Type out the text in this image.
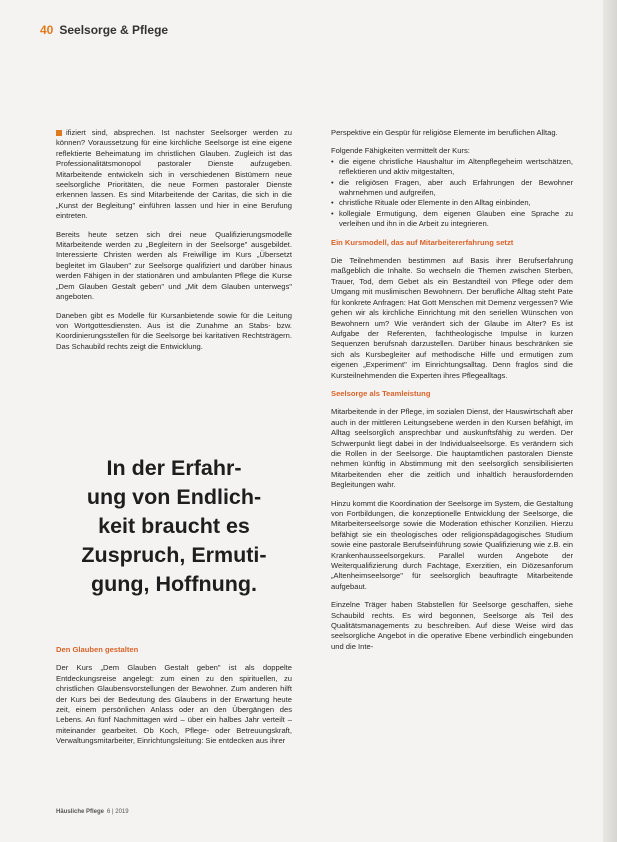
40 Seelsorge & Pflege

ifiziert sind, absprechen. Ist nachster Seelsorger werden zu können? Voraussetzung für eine kirchliche Seelsorge ist eine eigene reflektierte Beheimatung im christlichen Glauben. Zugleich ist das Professionalitätsmonopol pastoraler Dienste aufzugeben. Mitarbeitende entwickeln sich in verschiedenen Bistümern neue seelsorgliche Prioritäten, die neue Formen pastoraler Dienste erkennen lassen. Es sind Mitarbeitende der Caritas, die sich in die „Kunst der Begleitung" einführen lassen und hier in eine Berufung eintreten.

Bereits heute setzen sich drei neue Qualifizierungsmodelle Mitarbeitende werden zu „Begleitern in der Seelsorge" ausgebildet. Interessierte Christen werden als Freiwillige im Kurs „Übersetzt begleitet im Glauben" zur Seelsorge qualifiziert und darüber hinaus werden Fähigen in der stationären und ambulanten Pflege die Kurse „Dem Glauben Gestalt geben" und „Mit dem Glauben unterwegs" angeboten.

Daneben gibt es Modelle für Kursanbietende sowie für die Leitung von Wortgottesdiensten. Aus ist die Zunahme an Stabs- bzw. Koordinierungsstellen für die Seelsorge bei karitativen Rechtsträgern. Das Schaubild rechts zeigt die Entwicklung.

In der Erfahr-
ung von Endlich-
keit braucht es
Zuspruch, Ermuti-
gung, Hoffnung.

Den Glauben gestalten

Der Kurs „Dem Glauben Gestalt geben" ist als doppelte Entdeckungsreise angelegt: zum einen zu den spirituellen, zu christlichen Glaubensvorstellungen der Bewohner. Zum anderen hilft der Kurs bei der Bedeutung des Glaubens in der Erwartung heute zeit, einem persönlichen Anlass oder an den Übergängen des Lebens. An fünf Nachmittagen wird – über ein halbes Jahr verteilt – miteinander gearbeitet. Ob Koch, Pflege- oder Betreuungskraft, Verwaltungsmitarbeiter, Einrichtungsleitung: Sie entdecken aus ihrer

Perspektive ein Gespür für religiöse Elemente im beruflichen Alltag.

Folgende Fähigkeiten vermittelt der Kurs:

• die eigene christliche Haushaltur im Altenpflegeheim wertschätzen, reflektieren und aktiv mitgestalten,
• die religiösen Fragen, aber auch Erfahrungen der Bewohner wahrnehmen und aufgreifen,
• christliche Rituale oder Elemente in den Alltag einbinden,
• kollegiale Ermutigung, dem eigenen Glauben eine Sprache zu verleihen und ihn in die Arbeit zu integrieren.

Ein Kursmodell, das auf Mitarbeitererfahrung setzt

Die Teilnehmenden bestimmen auf Basis ihrer Berufserfahrung maßgeblich die Inhalte. So wechseln die Themen zwischen Sterben, Trauer, Tod, dem Gebet als ein Bestandteil von Pflege oder dem Umgang mit muslimischen Bewohnern. Der berufliche Alltag steht Pate für konkrete Anfragen: Hat Gott Menschen mit Demenz vergessen? Wie gehen wir als kirchliche Einrichtung mit den seriellen Wünschen von Bewohnern um? Wie verändert sich der Glaube im Alter? Es ist Aufgabe der Referenten, fachtheologische Impulse in kurzen Sequenzen berufsnah darzustellen. Darüber hinaus beschränken sie sich als Kursbegleiter auf methodische Hilfe und ermutigen zum eigenen „Experiment" im Einrichtungsalltag. Denn fraglos sind die Kursteilnehmenden die Experten ihres Pflegealltags.

Seelsorge als Teamleistung

Mitarbeitende in der Pflege, im sozialen Dienst, der Hauswirtschaft aber auch in der mittleren Leitungsebene werden in den Kursen befähigt, im Alltag seelsorglich ansprechbar und auskunftsfähig zu werden. Der Schwerpunkt liegt dabei in der Individualseelsorge. Es verändern sich die Rollen in der Seelsorge. Die hauptamtlichen pastoralen Dienste nehmen künftig in Abstimmung mit den seelsorglich sensibilisierten Mitarbeitenden eher die zeitlich und inhaltlich herausfordernden Begleitungen wahr.

Hinzu kommt die Koordination der Seelsorge im System, die Gestaltung von Fortbildungen, die konzeptionelle Entwicklung der Seelsorge, die Mitarbeiterseelsorge sowie die Moderation ethischer Konzilien. Hierzu befähigt sie ein theologisches oder religionspädagogisches Studium sowie eine pastorale Berufseinführung sowie Qualifizierung wie z.B. ein Krankenhausseelsorgekurs. Parallel wurden Angebote der Weiterqualifizierung durch Fachtage, Exerzitien, ein Diözesanforum „Altenheimseelsorge" für seelsorglich beauftragte Mitarbeitende aufgebaut.

Einzelne Träger haben Stabstellen für Seelsorge geschaffen, siehe Schaubild rechts. Es wird begonnen, Seelsorge als Teil des Qualitätsmanagements zu beschreiben. Auf diese Weise wird das seelsorgliche Angebot in die operative Ebene verbindlich eingebunden und die Inte-

Häusliche Pflege 6 | 2019
